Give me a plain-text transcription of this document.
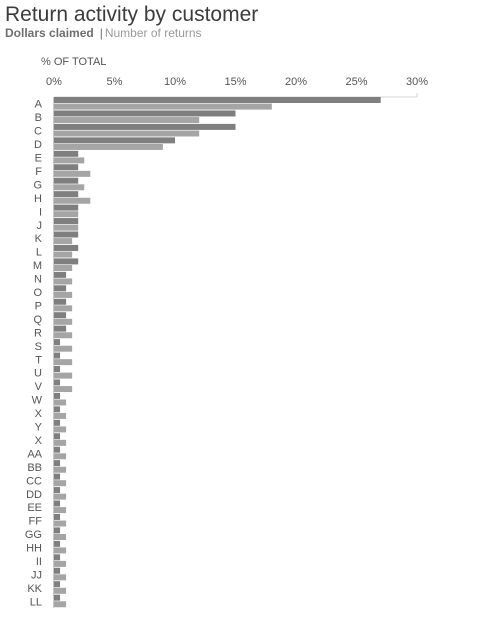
Return activity by customer
Dollars claimed | Number of returns
% OF TOTAL
0%	5%	10%	15%	20%	25%	30%
A
B
C
D
E
F
G
H
I
J
K
L
M
N
O
P
Q
R
S
T
U
V
W
X
Y
X
AA
BB
CC
DD
EE
FF
GG
HH
II
JJ
KK
LL
